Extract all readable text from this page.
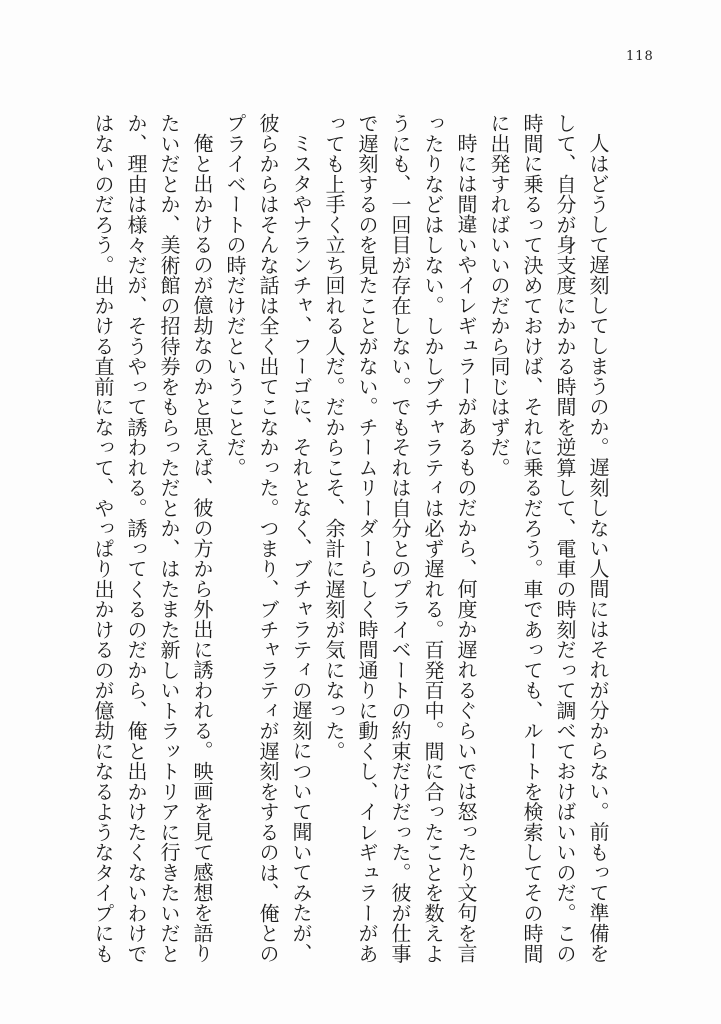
118
人はどうして遅刻してしまうのか。遅刻しない人間にはそれが分からない。前もって準備を
して、自分が身支度にかかる時間を逆算して、電車の時刻だって調べておけばいいのだ。この
時間に乗るって決めておけば、それに乗るだろう。車であっても、ルートを検索してその時間
に出発すればいいのだから同じはずだ。
時には間違いやイレギュラーがあるものだから、何度か遅れるぐらいでは怒ったり文句を言
ったりなどはしない。しかしブチャラティは必ず遅れる。百発百中。間に合ったことを数えよ
うにも、一回目が存在しない。でもそれは自分とのプライベートの約束だけだった。彼が仕事
で遅刻するのを見たことがない。チームリーダーらしく時間通りに動くし、イレギュラーがあ
っても上手く立ち回れる人だ。だからこそ、余計に遅刻が気になった。
ミスタやナランチャ、フーゴに、それとなく、ブチャラティの遅刻について聞いてみたが、
彼らからはそんな話は全く出てこなかった。つまり、ブチャラティが遅刻をするのは、俺との
プライベートの時だけだということだ。
俺と出かけるのが億劫なのかと思えば、彼の方から外出に誘われる。映画を見て感想を語り
たいだとか、美術館の招待券をもらっただとか、はたまた新しいトラットリアに行きたいだと
か、理由は様々だが、そうやって誘われる。誘ってくるのだから、俺と出かけたくないわけで
はないのだろう。出かける直前になって、やっぱり出かけるのが億劫になるようなタイプにも
